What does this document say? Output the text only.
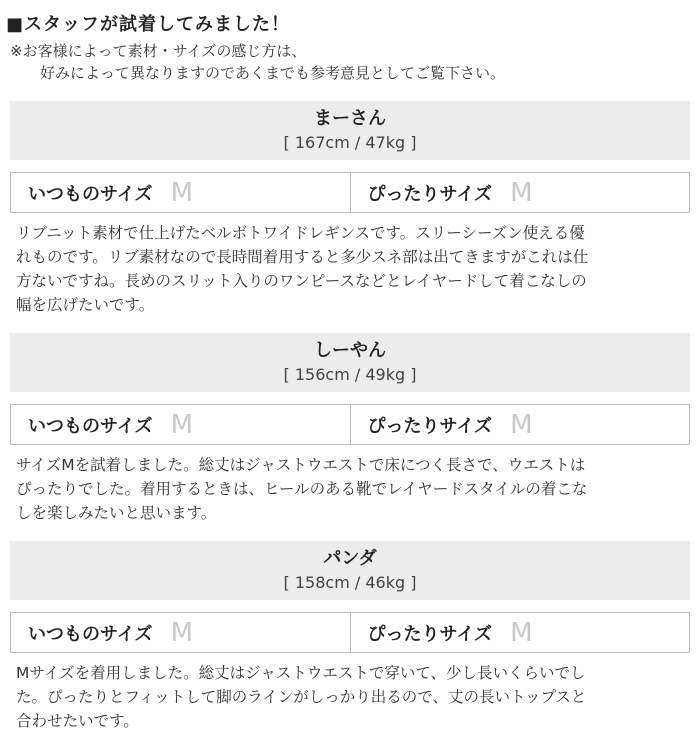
■スタッフが試着してみました！
※お客様によって素材・サイズの感じ方は、
好みによって異なりますのであくまでも参考意見としてご覧下さい。
まーさん
[ 167cm / 47kg ]
いつものサイズ M	ぴったりサイズ M

リブニット素材で仕上げたベルボトワイドレギンスです。スリーシーズン使える優
れものです。リブ素材なので長時間着用すると多少スネ部は出てきますがこれは仕
方ないですね。長めのスリット入りのワンピースなどとレイヤードして着こなしの
幅を広げたいです。

しーやん
[ 156cm / 49kg ]
いつものサイズ M	ぴったりサイズ M

サイズMを試着しました。総丈はジャストウエストで床につく長さで、ウエストは
ぴったりでした。着用するときは、ヒールのある靴でレイヤードスタイルの着こな
しを楽しみたいと思います。

パンダ
[ 158cm / 46kg ]
いつものサイズ M	ぴったりサイズ M

Mサイズを着用しました。総丈はジャストウエストで穿いて、少し長いくらいでし
た。ぴったりとフィットして脚のラインがしっかり出るので、丈の長いトップスと
合わせたいです。
